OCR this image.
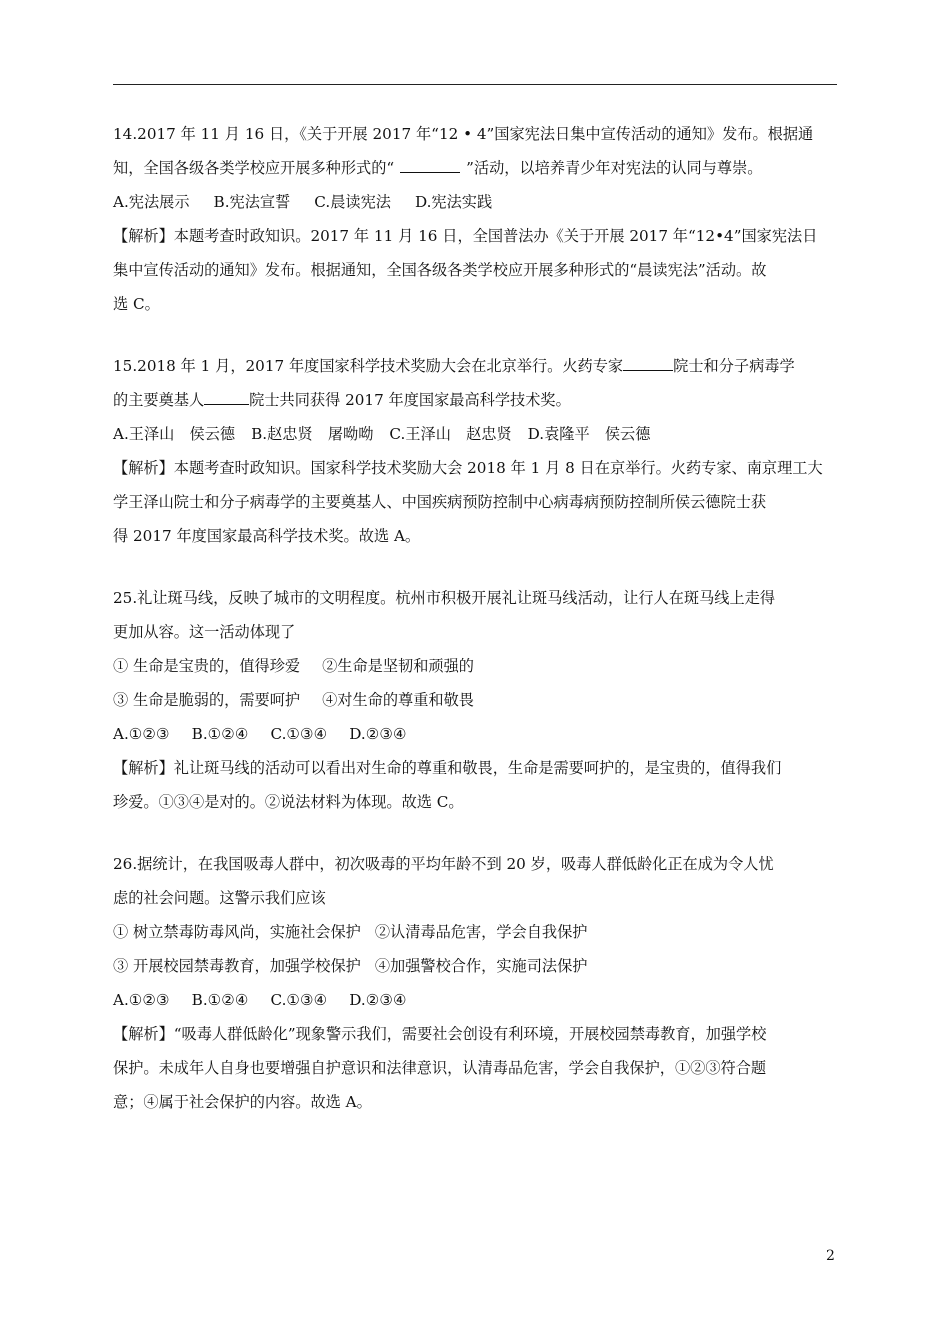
14.2017 年 11 月 16 日，《关于开展 2017 年“12 • 4”国家宪法日集中宣传活动的通知》发布。根据通
知，全国各级各类学校应开展多种形式的“	”活动，以培养青少年对宪法的认同与尊崇。
A.宪法展示 B.宪法宣誓 C.晨读宪法 D.宪法实践
【解析】本题考查时政知识。2017 年 11 月 16 日，全国普法办《关于开展 2017 年“12•4”国家宪法日
集中宣传活动的通知》发布。根据通知，全国各级各类学校应开展多种形式的“晨读宪法”活动。故
选 C。
15.2018 年 1 月，2017 年度国家科学技术奖励大会在北京举行。火药专家	院士和分子病毒学
的主要奠基人	院士共同获得 2017 年度国家最高科学技术奖。
A.王泽山　侯云德 B.赵忠贤　屠呦呦 C.王泽山　赵忠贤 D.袁隆平　侯云德
【解析】本题考查时政知识。国家科学技术奖励大会 2018 年 1 月 8 日在京举行。火药专家、南京理工大
学王泽山院士和分子病毒学的主要奠基人、中国疾病预防控制中心病毒病预防控制所侯云德院士获
得 2017 年度国家最高科学技术奖。故选 A。
25.礼让斑马线，反映了城市的文明程度。杭州市积极开展礼让斑马线活动，让行人在斑马线上走得
更加从容。这一活动体现了
① 生命是宝贵的，值得珍爱 ②生命是坚韧和顽强的
③ 生命是脆弱的，需要呵护 ④对生命的尊重和敬畏
A.①②③ B.①②④ C.①③④ D.②③④
【解析】礼让斑马线的活动可以看出对生命的尊重和敬畏，生命是需要呵护的，是宝贵的，值得我们
珍爱。①③④是对的。②说法材料为体现。故选 C。
26.据统计，在我国吸毒人群中，初次吸毒的平均年龄不到 20 岁，吸毒人群低龄化正在成为令人忧
虑的社会问题。这警示我们应该
① 树立禁毒防毒风尚，实施社会保护 ②认清毒品危害，学会自我保护
③ 开展校园禁毒教育，加强学校保护 ④加强警校合作，实施司法保护
A.①②③ B.①②④ C.①③④ D.②③④
【解析】“吸毒人群低龄化”现象警示我们，需要社会创设有利环境，开展校园禁毒教育，加强学校
保护。未成年人自身也要增强自护意识和法律意识，认清毒品危害，学会自我保护，①②③符合题
意；④属于社会保护的内容。故选 A。
2
